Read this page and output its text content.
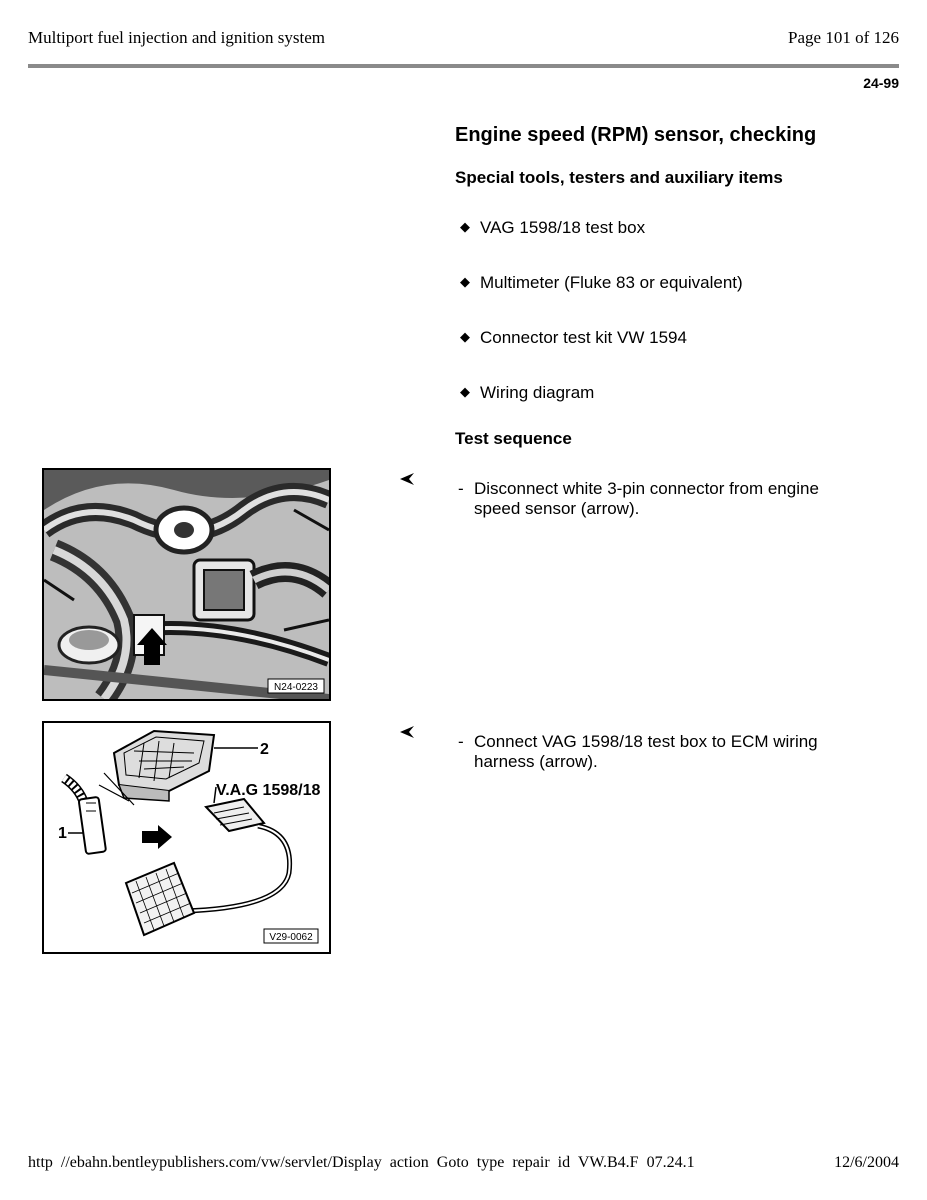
Multiport fuel injection and ignition system	Page 101 of 126
24-99
Engine speed (RPM) sensor, checking
Special tools, testers and auxiliary items
◆ VAG 1598/18 test box
◆ Multimeter (Fluke 83 or equivalent)
◆ Connector test kit VW 1594
◆ Wiring diagram
Test sequence
N24-0223
- Disconnect white 3-pin connector from engine speed sensor (arrow).
2
1
V.A.G 1598/18
V29-0062
- Connect VAG 1598/18 test box to ECM wiring harness (arrow).
http //ebahn.bentleypublishers.com/vw/servlet/Display action Goto type repair id VW.B4.F 07.24.1	12/6/2004
